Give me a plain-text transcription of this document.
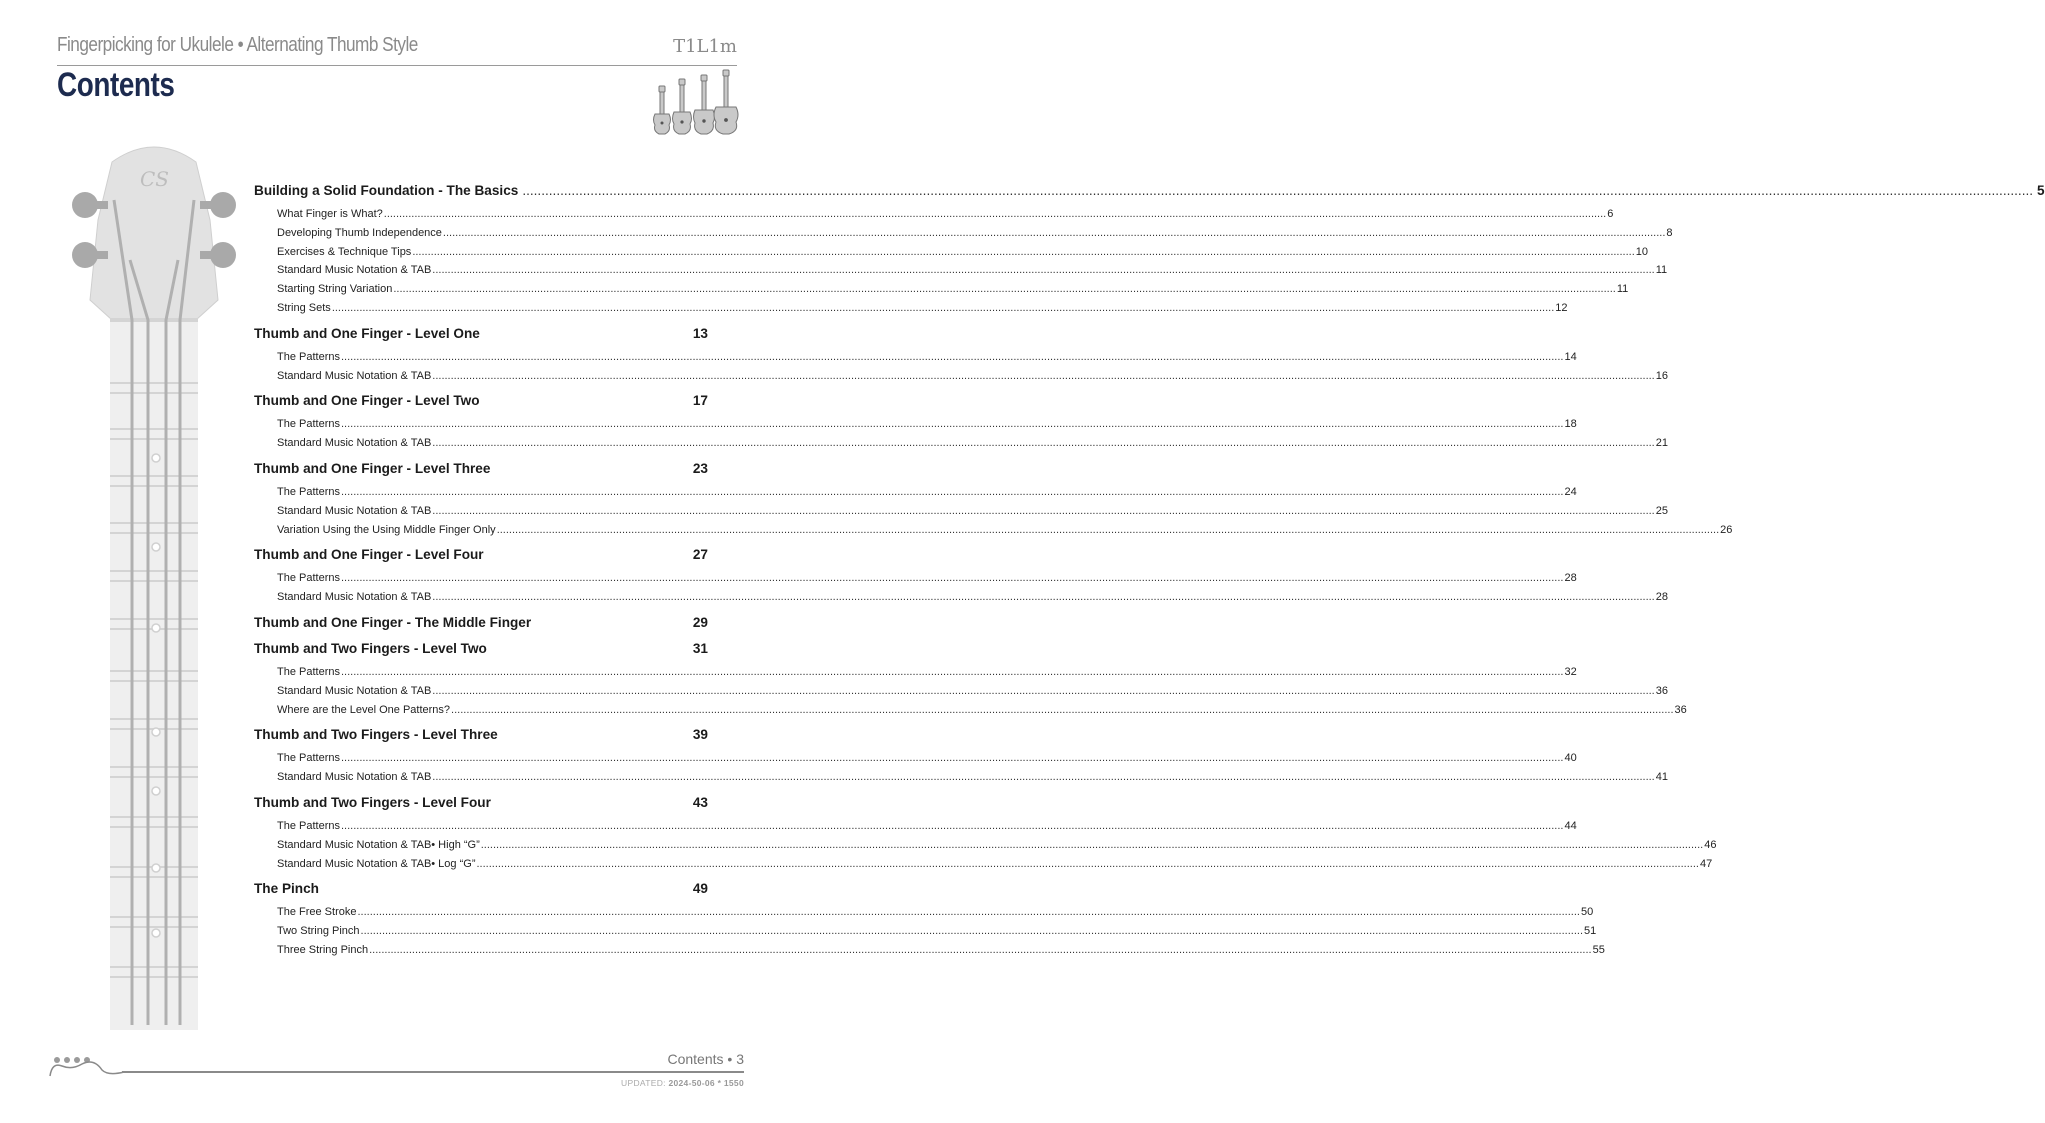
Fingerpicking for Ukulele • Alternating Thumb Style	T1L1m
Contents
CS	Building a Solid Foundation - The Basics ................................................................................................................................................................................................................................................................................................................................................................................................................ 5
What Finger is What? ................................................................................................................................................................................................................................................................................................................................................................................................................ 6
Developing Thumb Independence ................................................................................................................................................................................................................................................................................................................................................................................................................ 8
Exercises & Technique Tips ................................................................................................................................................................................................................................................................................................................................................................................................................ 10
Standard Music Notation & TAB ................................................................................................................................................................................................................................................................................................................................................................................................................ 11
Starting String Variation ................................................................................................................................................................................................................................................................................................................................................................................................................ 11
String Sets ................................................................................................................................................................................................................................................................................................................................................................................................................ 12
Thumb and One Finger - Level One	13
The Patterns ................................................................................................................................................................................................................................................................................................................................................................................................................ 14
Standard Music Notation & TAB ................................................................................................................................................................................................................................................................................................................................................................................................................ 16
Thumb and One Finger - Level Two	17
The Patterns ................................................................................................................................................................................................................................................................................................................................................................................................................ 18
Standard Music Notation & TAB ................................................................................................................................................................................................................................................................................................................................................................................................................ 21
Thumb and One Finger - Level Three	23
The Patterns ................................................................................................................................................................................................................................................................................................................................................................................................................ 24
Standard Music Notation & TAB ................................................................................................................................................................................................................................................................................................................................................................................................................ 25
Variation Using the Using Middle Finger Only ................................................................................................................................................................................................................................................................................................................................................................................................................ 26
Thumb and One Finger - Level Four	27
The Patterns ................................................................................................................................................................................................................................................................................................................................................................................................................ 28
Standard Music Notation & TAB ................................................................................................................................................................................................................................................................................................................................................................................................................ 28
Thumb and One Finger - The Middle Finger	29
Thumb and Two Fingers - Level Two	31
The Patterns ................................................................................................................................................................................................................................................................................................................................................................................................................ 32
Standard Music Notation & TAB ................................................................................................................................................................................................................................................................................................................................................................................................................ 36
Where are the Level One Patterns? ................................................................................................................................................................................................................................................................................................................................................................................................................ 36
Thumb and Two Fingers - Level Three	39
The Patterns ................................................................................................................................................................................................................................................................................................................................................................................................................ 40
Standard Music Notation & TAB ................................................................................................................................................................................................................................................................................................................................................................................................................ 41
Thumb and Two Fingers - Level Four	43
The Patterns ................................................................................................................................................................................................................................................................................................................................................................................................................ 44
Standard Music Notation & TAB• High “G” ................................................................................................................................................................................................................................................................................................................................................................................................................ 46
Standard Music Notation & TAB• Log “G” ................................................................................................................................................................................................................................................................................................................................................................................................................ 47
The Pinch	49
The Free Stroke ................................................................................................................................................................................................................................................................................................................................................................................................................ 50
Two String Pinch ................................................................................................................................................................................................................................................................................................................................................................................................................ 51
Three String Pinch ................................................................................................................................................................................................................................................................................................................................................................................................................ 55
Contents • 3
UPDATED: 2024-50-06 * 1550
